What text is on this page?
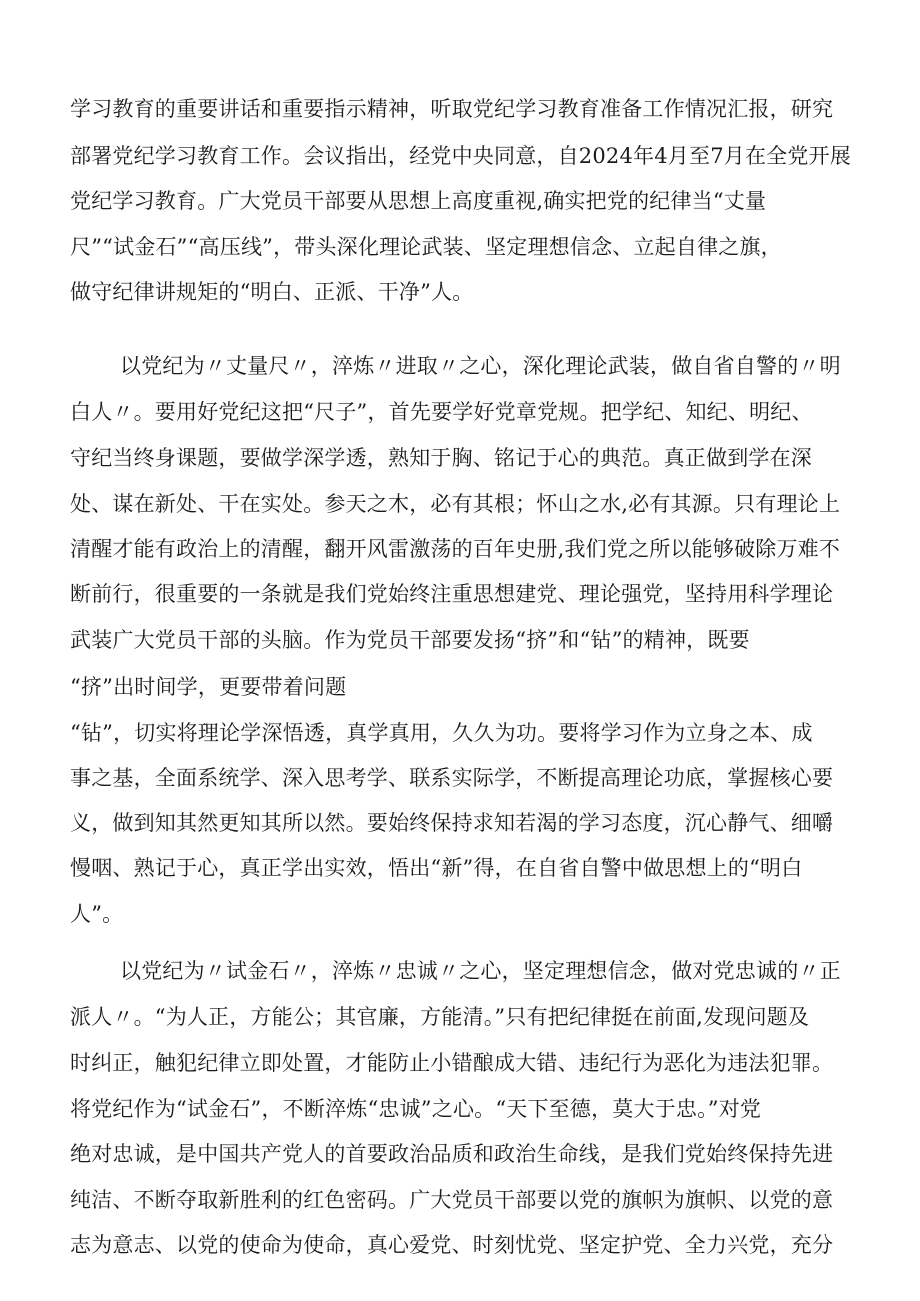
学习教育的重要讲话和重要指示精神，听取党纪学习教育准备工作情况汇报，研究
部署党纪学习教育工作。会议指出，经党中央同意，自2024年4月至7月在全党开展
党纪学习教育。广大党员干部要从思想上高度重视,确实把党的纪律当“丈量
尺”“试金石”“高压线”，带头深化理论武装、坚定理想信念、立起自律之旗，
做守纪律讲规矩的“明白、正派、干净”人。
以党纪为〃丈量尺〃，淬炼〃进取〃之心，深化理论武装，做自省自警的〃明
白人〃。要用好党纪这把“尺子”，首先要学好党章党规。把学纪、知纪、明纪、
守纪当终身课题，要做学深学透，熟知于胸、铭记于心的典范。真正做到学在深
处、谋在新处、干在实处。参天之木，必有其根；怀山之水,必有其源。只有理论上
清醒才能有政治上的清醒，翻开风雷激荡的百年史册,我们党之所以能够破除万难不
断前行，很重要的一条就是我们党始终注重思想建党、理论强党，坚持用科学理论
武装广大党员干部的头脑。作为党员干部要发扬“挤”和“钻”的精神，既要
“挤”出时间学，更要带着问题
“钻”，切实将理论学深悟透，真学真用，久久为功。要将学习作为立身之本、成
事之基，全面系统学、深入思考学、联系实际学，不断提高理论功底，掌握核心要
义，做到知其然更知其所以然。要始终保持求知若渴的学习态度，沉心静气、细嚼
慢咽、熟记于心，真正学出实效，悟出“新”得，在自省自警中做思想上的“明白
人”。
以党纪为〃试金石〃，淬炼〃忠诚〃之心，坚定理想信念，做对党忠诚的〃正
派人〃。“为人正，方能公；其官廉，方能清。”只有把纪律挺在前面,发现问题及
时纠正，触犯纪律立即处置，才能防止小错酿成大错、违纪行为恶化为违法犯罪。
将党纪作为“试金石”，不断淬炼“忠诚”之心。“天下至德，莫大于忠。”对党
绝对忠诚，是中国共产党人的首要政治品质和政治生命线，是我们党始终保持先进
纯洁、不断夺取新胜利的红色密码。广大党员干部要以党的旗帜为旗帜、以党的意
志为意志、以党的使命为使命，真心爱党、时刻忧党、坚定护党、全力兴党，充分
